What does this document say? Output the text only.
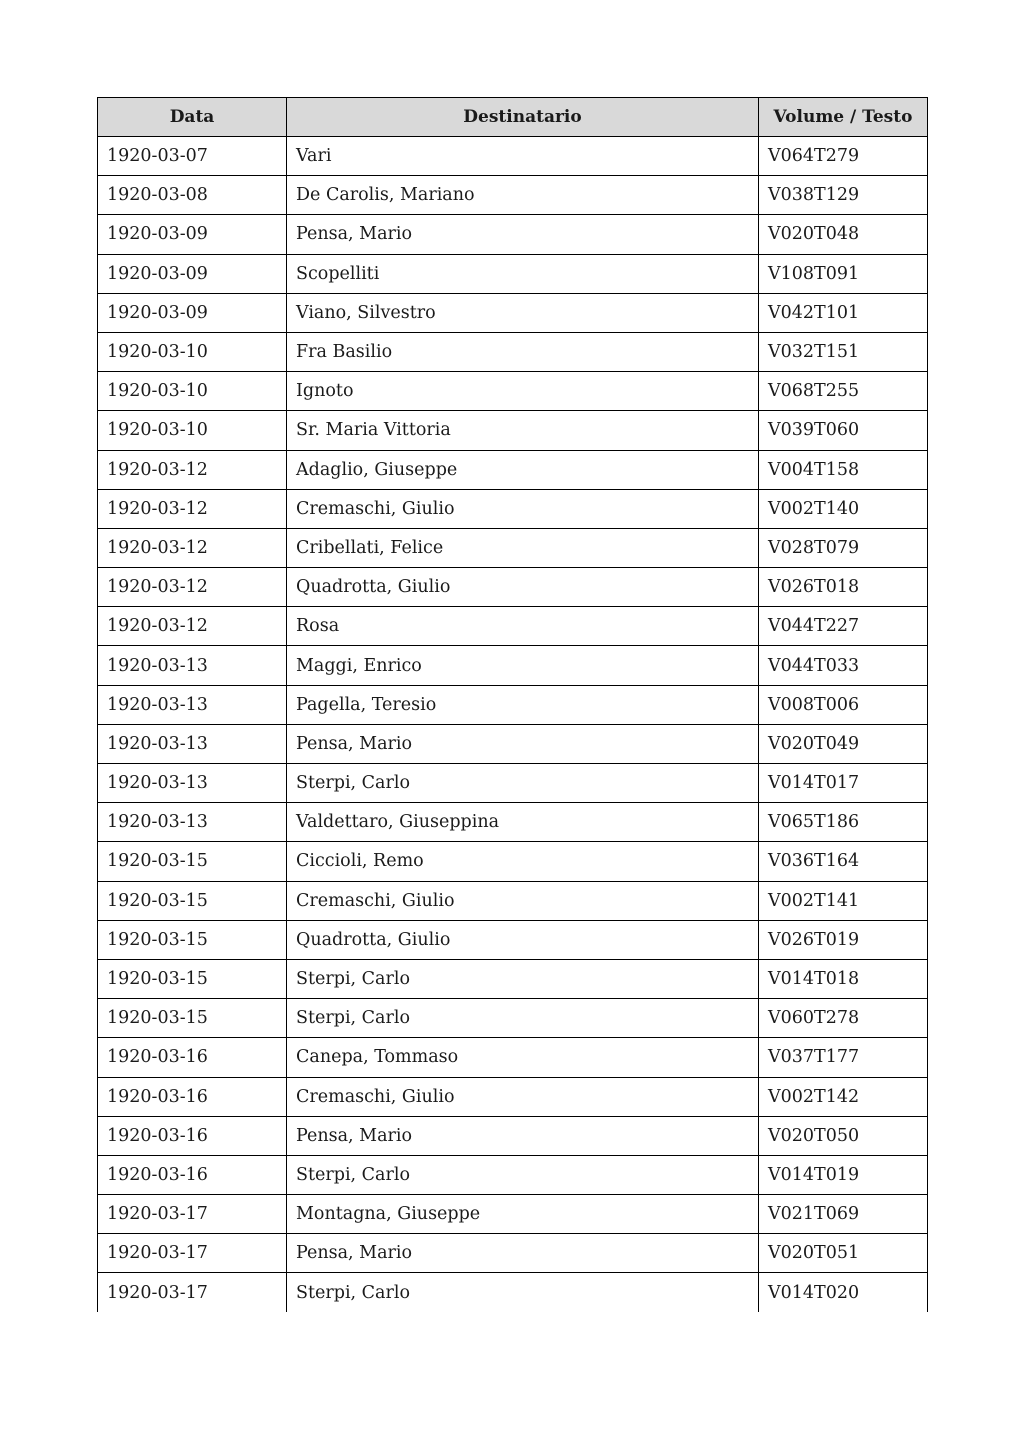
Data	Destinatario	Volume / Testo
1920-03-07	Vari	V064T279
1920-03-08	De Carolis, Mariano	V038T129
1920-03-09	Pensa, Mario	V020T048
1920-03-09	Scopelliti	V108T091
1920-03-09	Viano, Silvestro	V042T101
1920-03-10	Fra Basilio	V032T151
1920-03-10	Ignoto	V068T255
1920-03-10	Sr. Maria Vittoria	V039T060
1920-03-12	Adaglio, Giuseppe	V004T158
1920-03-12	Cremaschi, Giulio	V002T140
1920-03-12	Cribellati, Felice	V028T079
1920-03-12	Quadrotta, Giulio	V026T018
1920-03-12	Rosa	V044T227
1920-03-13	Maggi, Enrico	V044T033
1920-03-13	Pagella, Teresio	V008T006
1920-03-13	Pensa, Mario	V020T049
1920-03-13	Sterpi, Carlo	V014T017
1920-03-13	Valdettaro, Giuseppina	V065T186
1920-03-15	Ciccioli, Remo	V036T164
1920-03-15	Cremaschi, Giulio	V002T141
1920-03-15	Quadrotta, Giulio	V026T019
1920-03-15	Sterpi, Carlo	V014T018
1920-03-15	Sterpi, Carlo	V060T278
1920-03-16	Canepa, Tommaso	V037T177
1920-03-16	Cremaschi, Giulio	V002T142
1920-03-16	Pensa, Mario	V020T050
1920-03-16	Sterpi, Carlo	V014T019
1920-03-17	Montagna, Giuseppe	V021T069
1920-03-17	Pensa, Mario	V020T051
1920-03-17	Sterpi, Carlo	V014T020
